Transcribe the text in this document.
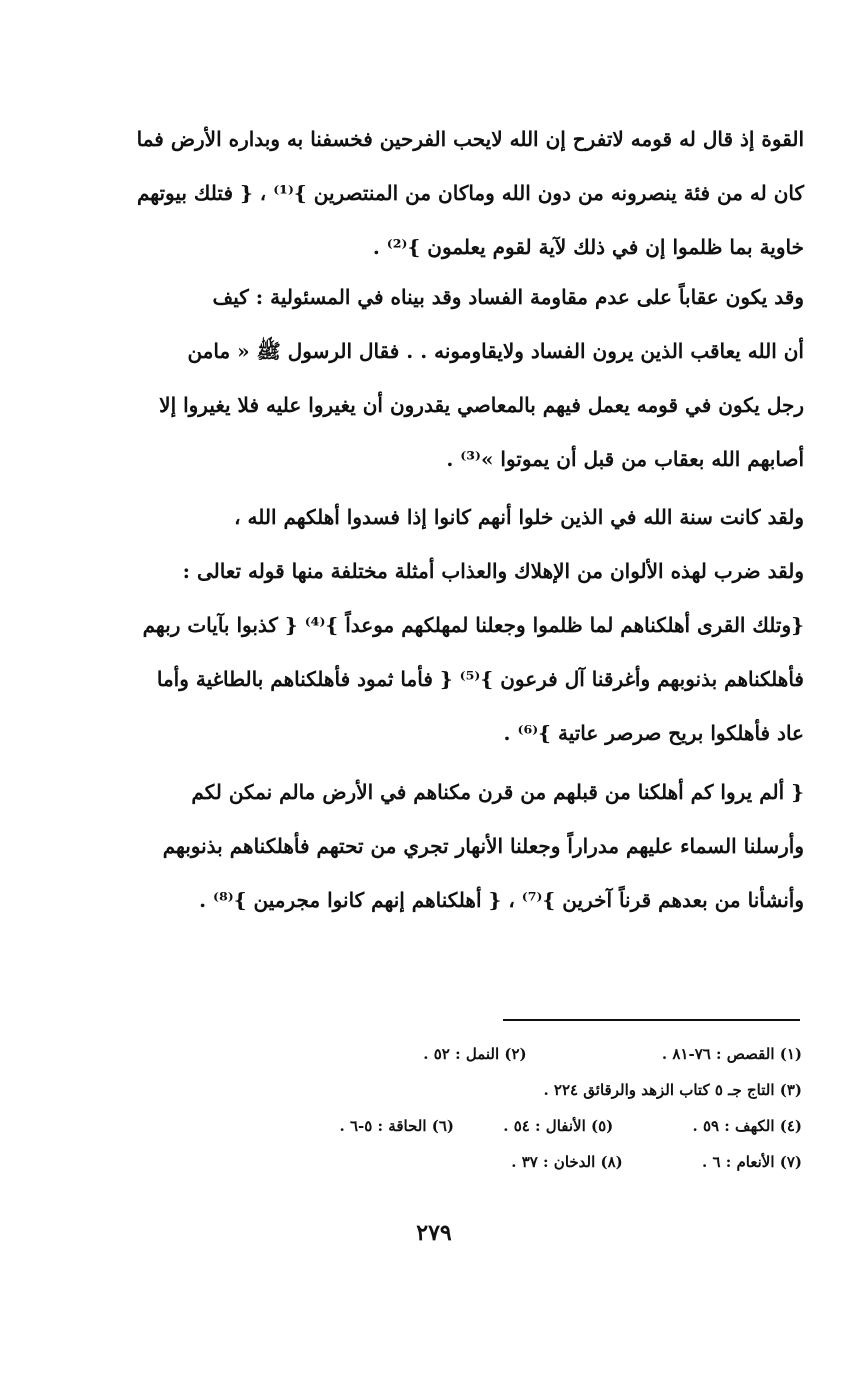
القوة إذ قال له قومه لاتفرح إن الله لايحب الفرحين فخسفنا به وبداره الأرض فما
كان له من فئة ينصرونه من دون الله وماكان من المنتصرين }⁽¹⁾ ، { فتلك بيوتهم
خاوية بما ظلموا إن في ذلك لآية لقوم يعلمون }⁽²⁾ .
وقد يكون عقاباً على عدم مقاومة الفساد وقد بيناه في المسئولية : كيف
أن الله يعاقب الذين يرون الفساد ولايقاومونه . . فقال الرسول ﷺ « مامن
رجل يكون في قومه يعمل فيهم بالمعاصي يقدرون أن يغيروا عليه فلا يغيروا إلا
أصابهم الله بعقاب من قبل أن يموتوا »⁽³⁾ .
ولقد كانت سنة الله في الذين خلوا أنهم كانوا إذا فسدوا أهلكهم الله ،
ولقد ضرب لهذه الألوان من الإهلاك والعذاب أمثلة مختلفة منها قوله تعالى :
{وتلك القرى أهلكناهم لما ظلموا وجعلنا لمهلكهم موعداً }⁽⁴⁾ { كذبوا بآيات ربهم
فأهلكناهم بذنوبهم وأغرقنا آل فرعون }⁽⁵⁾ { فأما ثمود فأهلكناهم بالطاغية وأما
عاد فأهلكوا بريح صرصر عاتية }⁽⁶⁾ .
{ ألم يروا كم أهلكنا من قبلهم من قرن مكناهم في الأرض مالم نمكن لكم
وأرسلنا السماء عليهم مدراراً وجعلنا الأنهار تجري من تحتهم فأهلكناهم بذنوبهم
وأنشأنا من بعدهم قرناً آخرين }⁽⁷⁾ ، { أهلكناهم إنهم كانوا مجرمين }⁽⁸⁾ .
(١) القصص : ٧٦-٨١ . (٢) النمل : ٥٢ .
(٣) التاج جـ ٥ كتاب الزهد والرقائق ٢٢٤ .
(٤) الكهف : ٥٩ . (٥) الأنفال : ٥٤ . (٦) الحاقة : ٥-٦ .
(٧) الأنعام : ٦ . (٨) الدخان : ٣٧ .
٢٧٩
